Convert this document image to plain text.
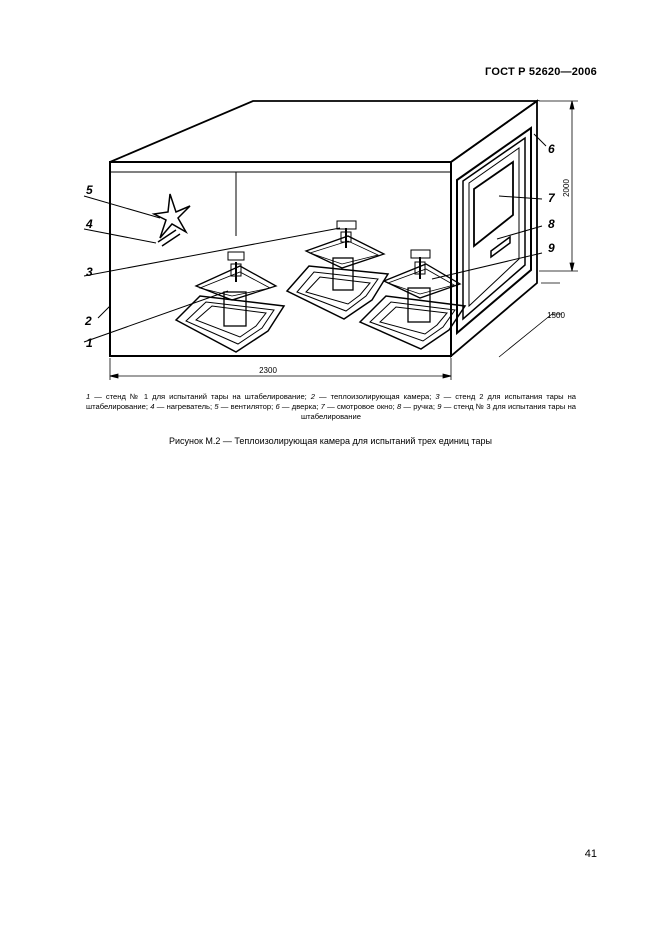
ГОСТ Р 52620—2006
5
4
3
2
1
6
7
8
9
2300
1500
2000
1 — стенд № 1 для испытаний тары на штабелирование; 2 — теплоизолирующая камера; 3 — стенд 2 для испытания тары на штабелирование; 4 — нагреватель; 5 — вентилятор; 6 — дверка; 7 — смотровое окно; 8 — ручка; 9 — стенд № 3 для испытания тары на штабелирование
Рисунок М.2 — Теплоизолирующая камера для испытаний трех единиц тары
41
